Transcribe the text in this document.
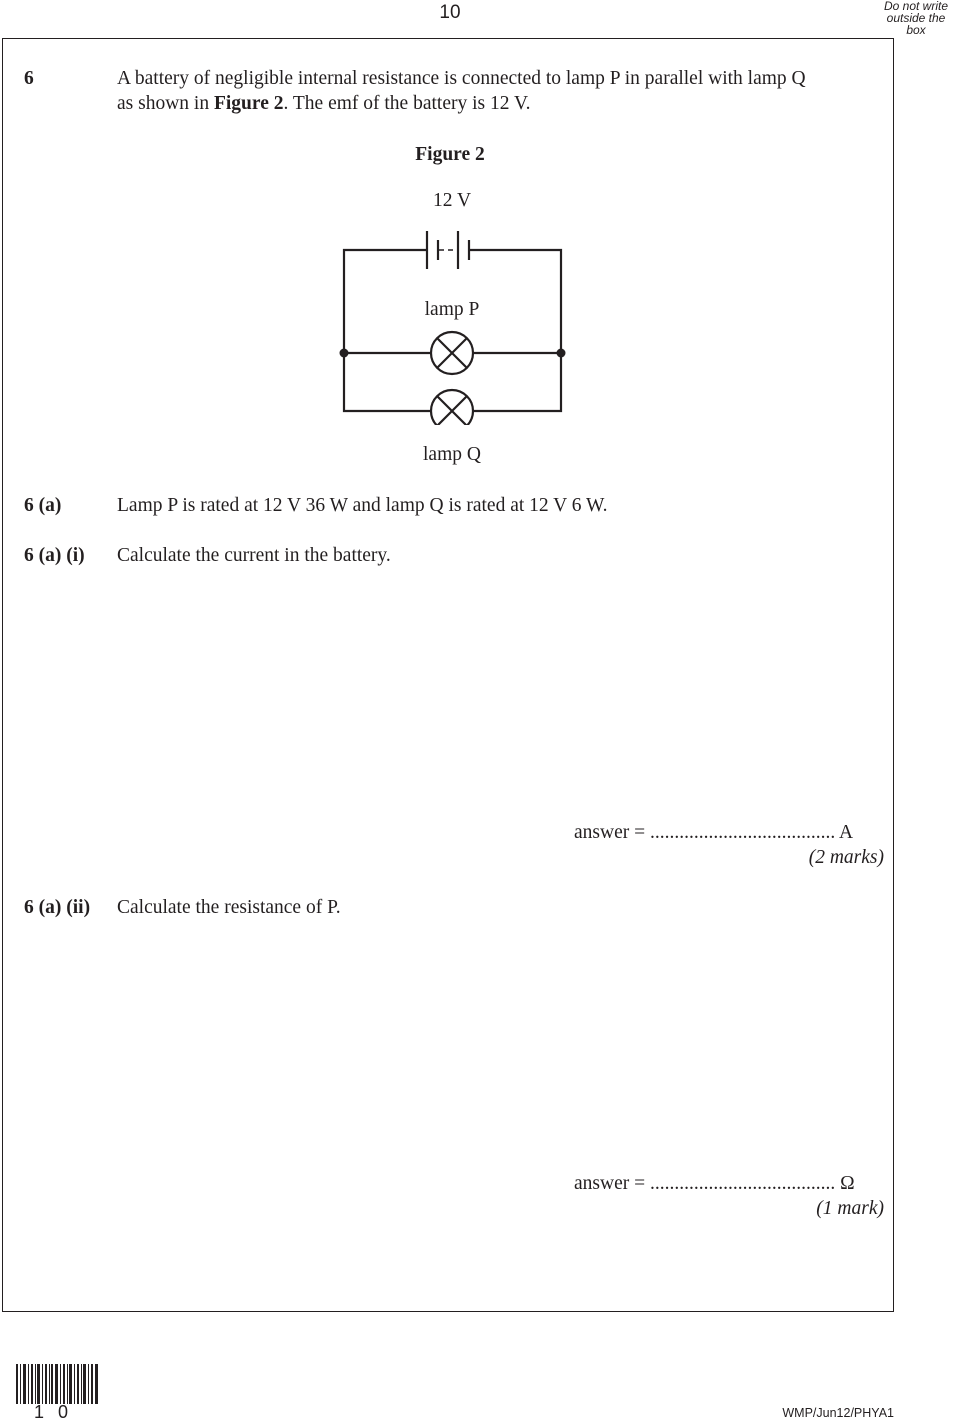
10	Do not write
outside the
box
6	A battery of negligible internal resistance is connected to lamp P in parallel with lamp Q
as shown in Figure 2. The emf of the battery is 12 V.
Figure 2
12 V
lamp P
lamp Q
6 (a)	Lamp P is rated at 12 V 36 W and lamp Q is rated at 12 V 6 W.
6 (a) (i) Calculate the current in the battery.
answer = ...................................... A
(2 marks)
6 (a) (ii) Calculate the resistance of P.
answer = ...................................... Ω
(1 mark)
10	WMP/Jun12/PHYA1
